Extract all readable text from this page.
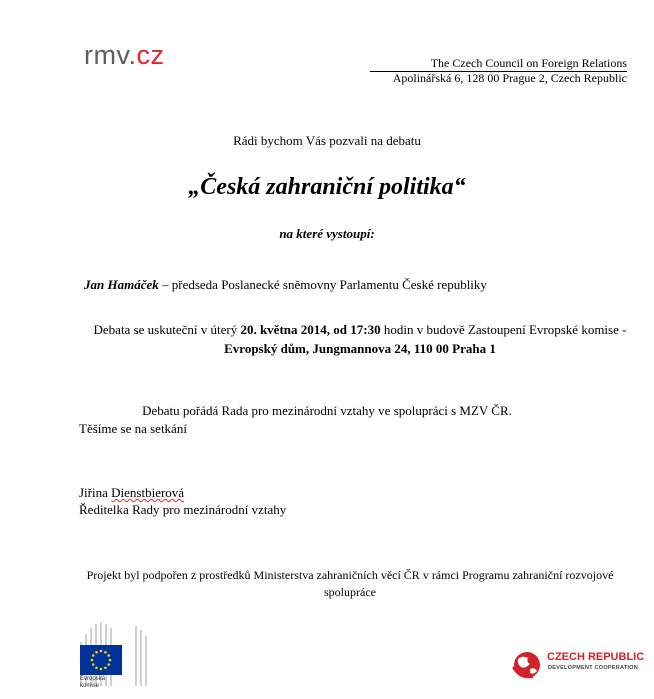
rmv.cz	The Czech Council on Foreign Relations
Apolinářská 6, 128 00 Prague 2, Czech Republic
Rádi bychom Vás pozvali na debatu
„Česká zahraniční politika“
na které vystoupí:
Jan Hamáček – předseda Poslanecké sněmovny Parlamentu České republiky
Debata se uskuteční v úterý 20. května 2014, od 17:30 hodin v budově Zastoupení Evropské komise - Evropský dům, Jungmannova 24, 110 00 Praha 1
Debatu pořádá Rada pro mezinárodní vztahy ve spolupráci s MZV ČR.
Těšíme se na setkání
Jiřina Dienstbierová
Ředitelka Rady pro mezinárodní vztahy
Projekt byl podpořen z prostředků Ministerstva zahraničních věcí ČR v rámci Programu zahraniční rozvojové spolupráce
Evropská
komise
CZECH REPUBLIC
DEVELOPMENT COOPERATION
